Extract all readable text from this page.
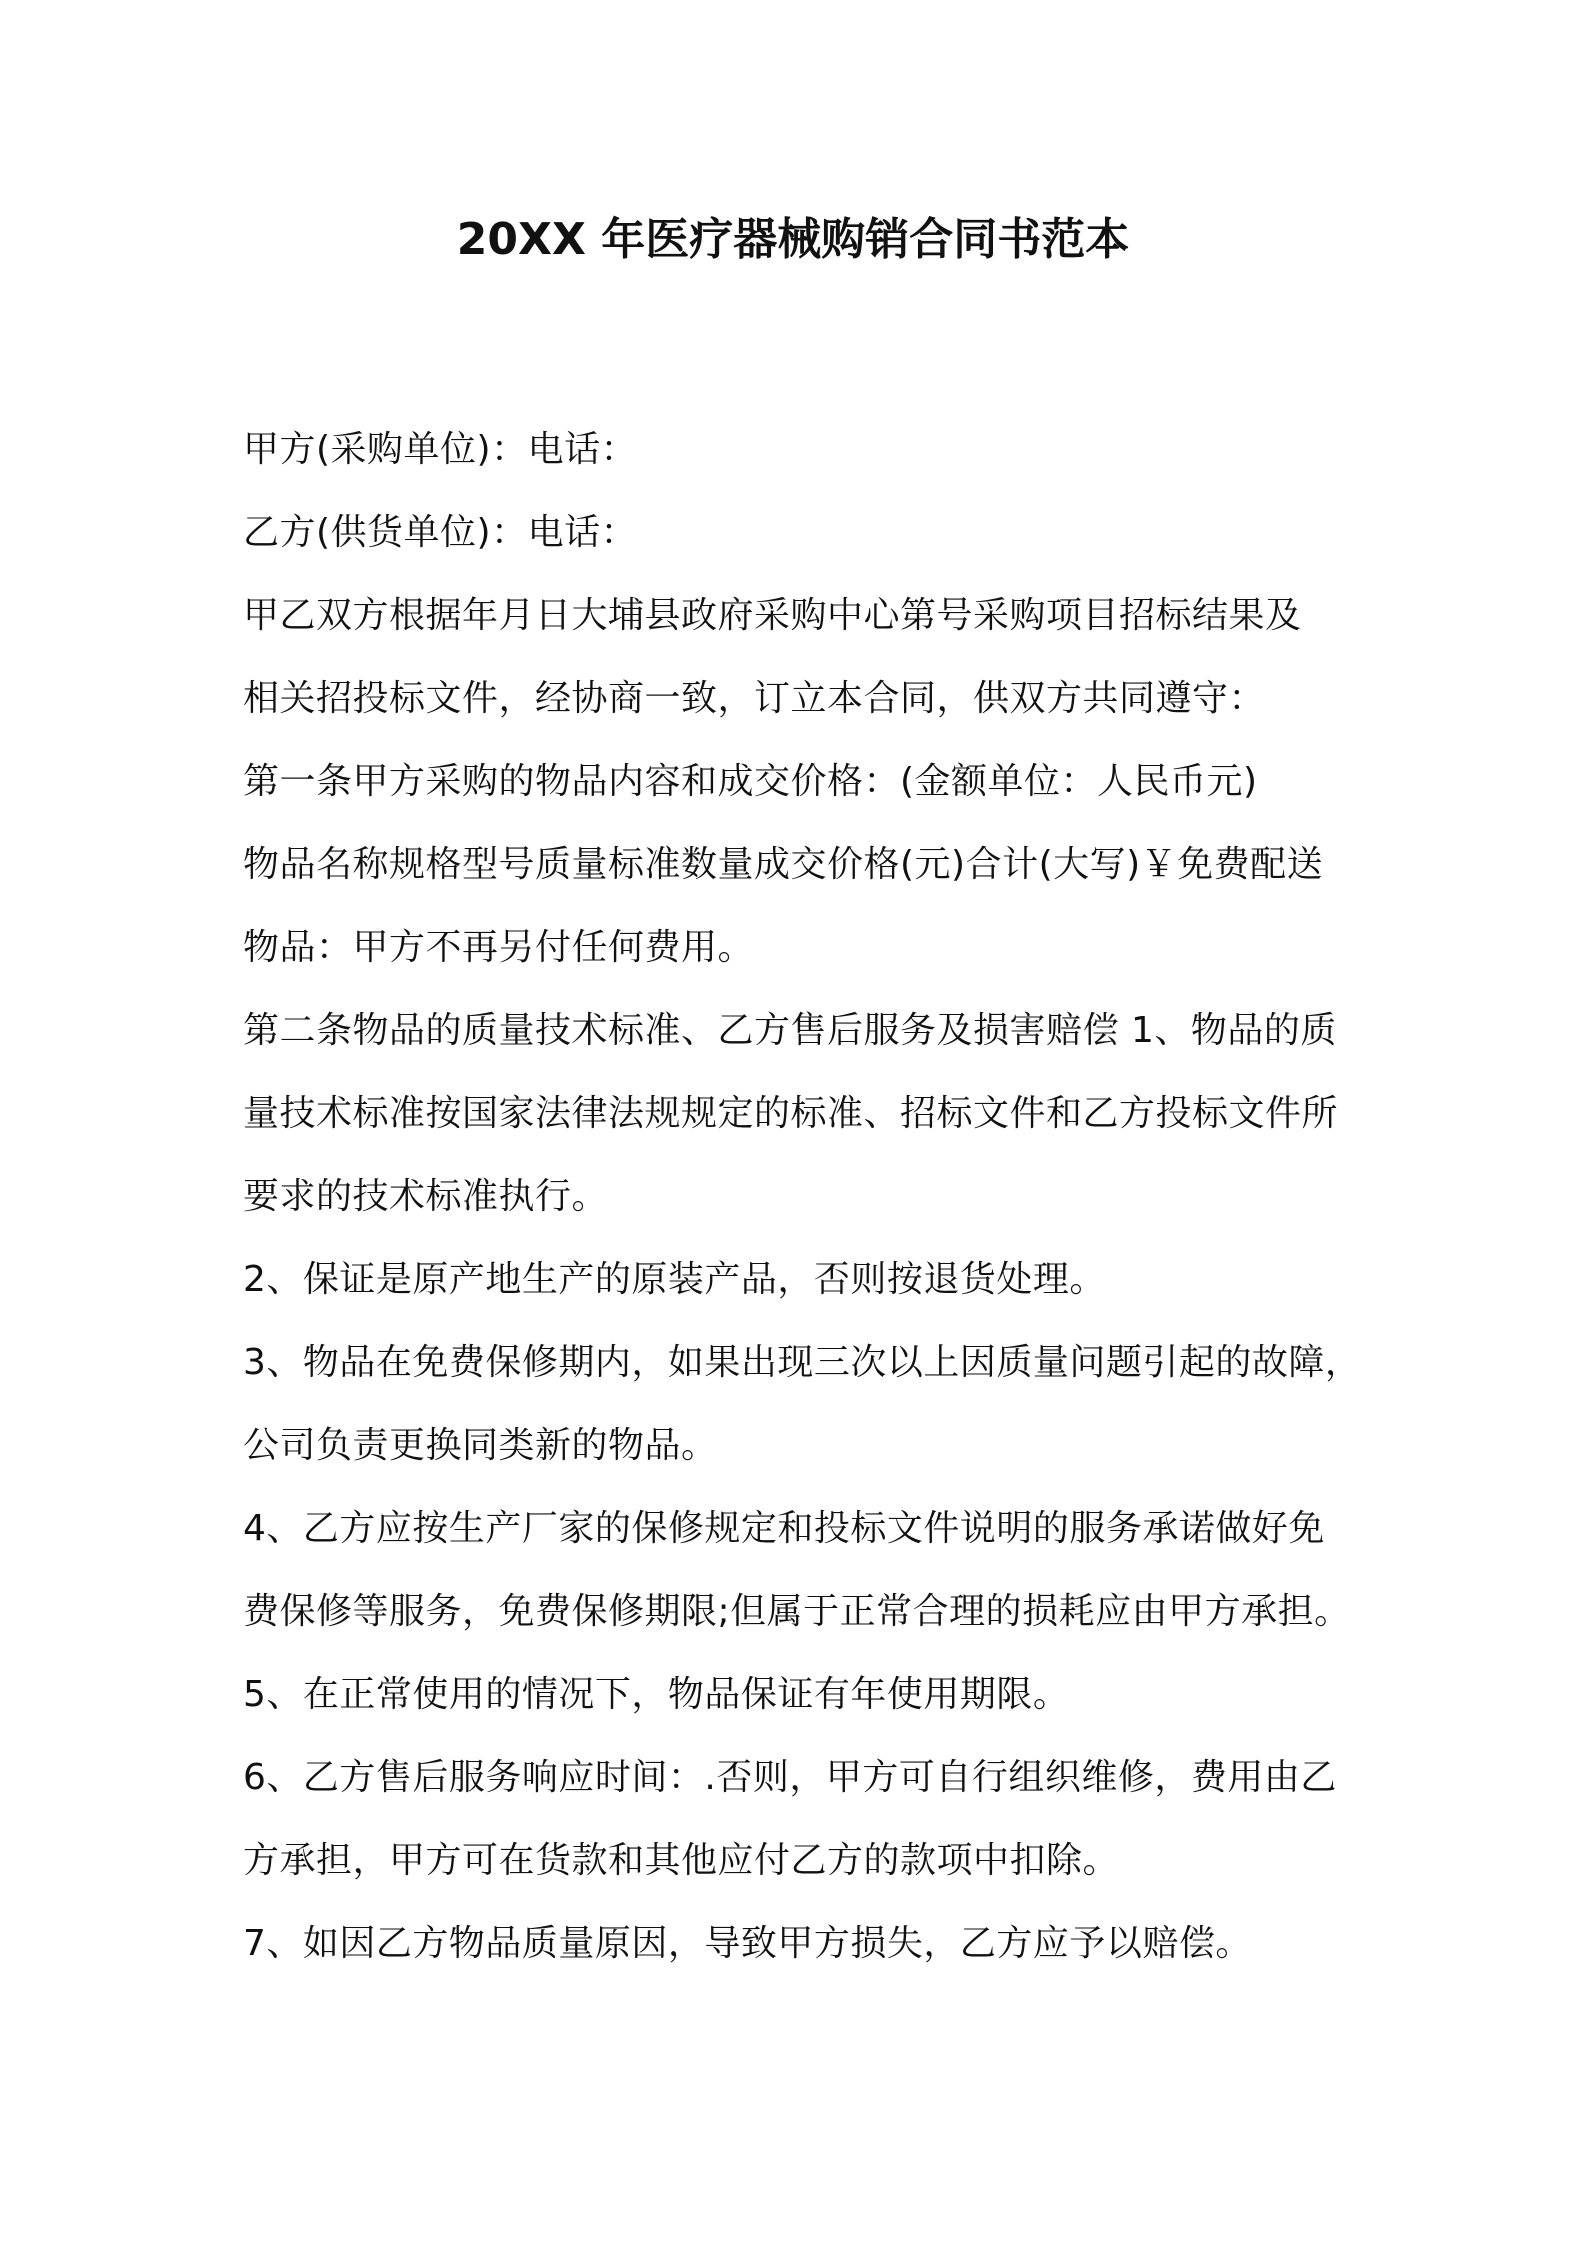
20XX 年医疗器械购销合同书范本
甲方(采购单位)：电话：
乙方(供货单位)：电话：
甲乙双方根据年月日大埔县政府采购中心第号采购项目招标结果及
相关招投标文件，经协商一致，订立本合同，供双方共同遵守：
第一条甲方采购的物品内容和成交价格：(金额单位：人民币元)
物品名称规格型号质量标准数量成交价格(元)合计(大写)￥免费配送
物品：甲方不再另付任何费用。
第二条物品的质量技术标准、乙方售后服务及损害赔偿 1、物品的质
量技术标准按国家法律法规规定的标准、招标文件和乙方投标文件所
要求的技术标准执行。
2、保证是原产地生产的原装产品，否则按退货处理。
3、物品在免费保修期内，如果出现三次以上因质量问题引起的故障，
公司负责更换同类新的物品。
4、乙方应按生产厂家的保修规定和投标文件说明的服务承诺做好免
费保修等服务，免费保修期限;但属于正常合理的损耗应由甲方承担。
5、在正常使用的情况下，物品保证有年使用期限。
6、乙方售后服务响应时间：.否则，甲方可自行组织维修，费用由乙
方承担，甲方可在货款和其他应付乙方的款项中扣除。
7、如因乙方物品质量原因，导致甲方损失，乙方应予以赔偿。
